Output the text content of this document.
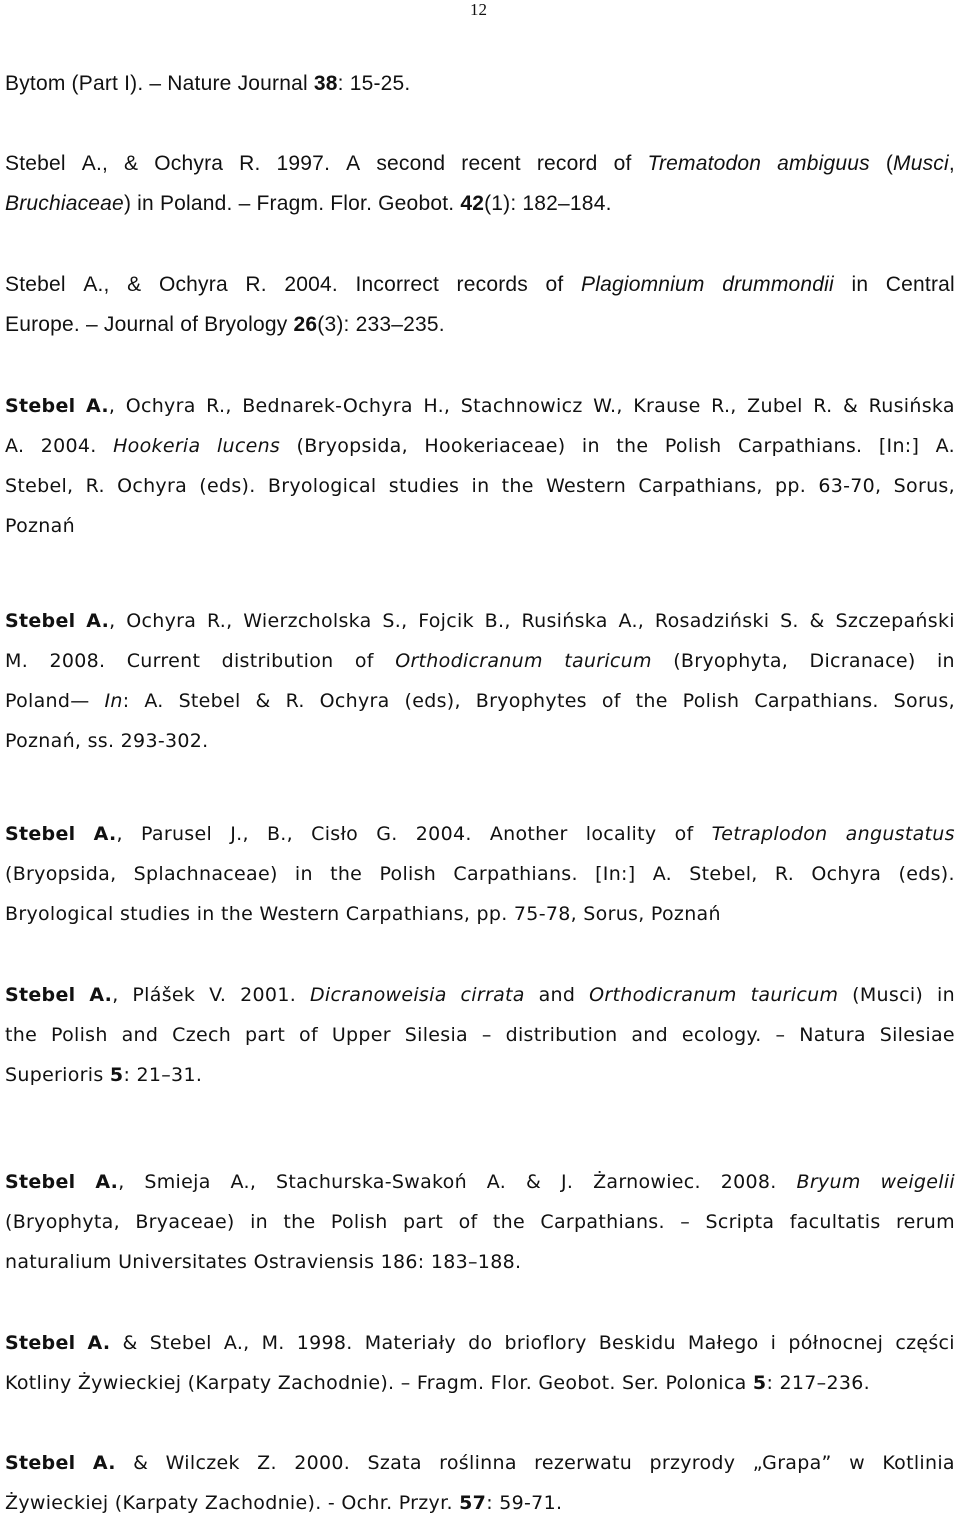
12
Bytom (Part I). – Nature Journal 38 : 15-25.
Stebel A., & Ochyra R. 1997. A second recent record of Trematodon ambiguus (Musci,
Bruchiaceae ) in Poland. – Fragm. Flor. Geobot. 42 (1): 182–184.
Stebel A., & Ochyra R. 2004. Incorrect records of Plagiomnium drummondii in Central
Europe. – Journal of Bryology 26 (3): 233–235.
Stebel A., Ochyra R., Bednarek-Ochyra H., Stachnowicz W., Krause R., Zubel R. & Rusińska
A. 2004. Hookeria lucens (Bryopsida, Hookeriaceae) in the Polish Carpathians. [In:] A.
Stebel, R. Ochyra (eds). Bryological studies in the Western Carpathians, pp. 63-70, Sorus,
Poznań
Stebel A., Ochyra R., Wierzcholska S., Fojcik B., Rusińska A., Rosadziński S. & Szczepański
M. 2008. Current distribution of Orthodicranum tauricum (Bryophyta, Dicranace) in
Poland— In: A. Stebel & R. Ochyra (eds), Bryophytes of the Polish Carpathians. Sorus,
Poznań, ss. 293-302.
Stebel A., Parusel J., B., Cisło G. 2004. Another locality of Tetraplodon angustatus
(Bryopsida, Splachnaceae) in the Polish Carpathians. [In:] A. Stebel, R. Ochyra (eds).
Bryological studies in the Western Carpathians, pp. 75-78, Sorus, Poznań
Stebel A., Plášek V. 2001. Dicranoweisia cirrata and Orthodicranum tauricum (Musci) in
the Polish and Czech part of Upper Silesia – distribution and ecology. – Natura Silesiae
Superioris 5 : 21–31.
Stebel A., Smieja A., Stachurska-Swakoń A. & J. Żarnowiec. 2008. Bryum weigelii
(Bryophyta, Bryaceae) in the Polish part of the Carpathians. – Scripta facultatis rerum
naturalium Universitates Ostraviensis 186: 183–188.
Stebel A. & Stebel A., M. 1998. Materiały do brioflory Beskidu Małego i północnej części
Kotliny Żywieckiej (Karpaty Zachodnie). – Fragm. Flor. Geobot. Ser. Polonica 5 : 217–236.
Stebel A. & Wilczek Z. 2000. Szata roślinna rezerwatu przyrody „Grapa” w Kotlinia
Żywieckiej (Karpaty Zachodnie). - Ochr. Przyr. 57 : 59-71.
